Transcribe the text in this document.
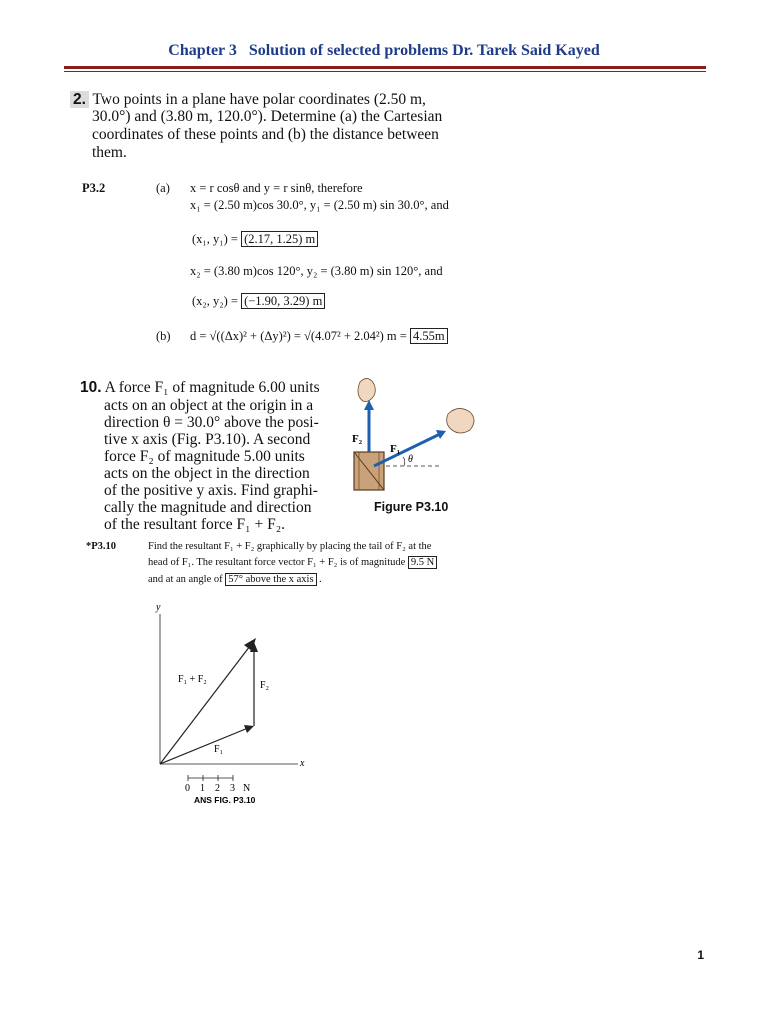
Chapter 3 Solution of selected problems Dr. Tarek Said Kayed
2. Two points in a plane have polar coordinates (2.50 m,
30.0°) and (3.80 m, 120.0°). Determine (a) the Cartesian
coordinates of these points and (b) the distance between
them.
P3.2	(a) x = r cosθ and y = r sinθ, therefore
x₁ = (2.50 m)cos 30.0°, y₁ = (2.50 m) sin 30.0°, and
(x₁, y₁) = (2.17, 1.25) m
x₂ = (3.80 m)cos 120°, y₂ = (3.80 m) sin 120°, and
(x₂, y₂) = (−1.90, 3.29) m
(b) d = √((Δx)² + (Δy)²) = √(4.07² + 2.04²) m = 4.55m
10. A force F₁ of magnitude 6.00 units
acts on an object at the origin in a
direction θ = 30.0° above the posi-
tive x axis (Fig. P3.10). A second
force F₂ of magnitude 5.00 units
acts on the object in the direction
of the positive y axis. Find graphi-
cally the magnitude and direction
of the resultant force F₁ + F₂.
F₂
F₁
θ
Figure P3.10
*P3.10	Find the resultant F₁ + F₂ graphically by placing the tail of F₂ at the
head of F₁. The resultant force vector F₁ + F₂ is of magnitude 9.5 N
and at an angle of 57° above the x axis .
y
x
F₁ + F₂
F₂
F₁
0 1 2 3 N
ANS FIG. P3.10
1
